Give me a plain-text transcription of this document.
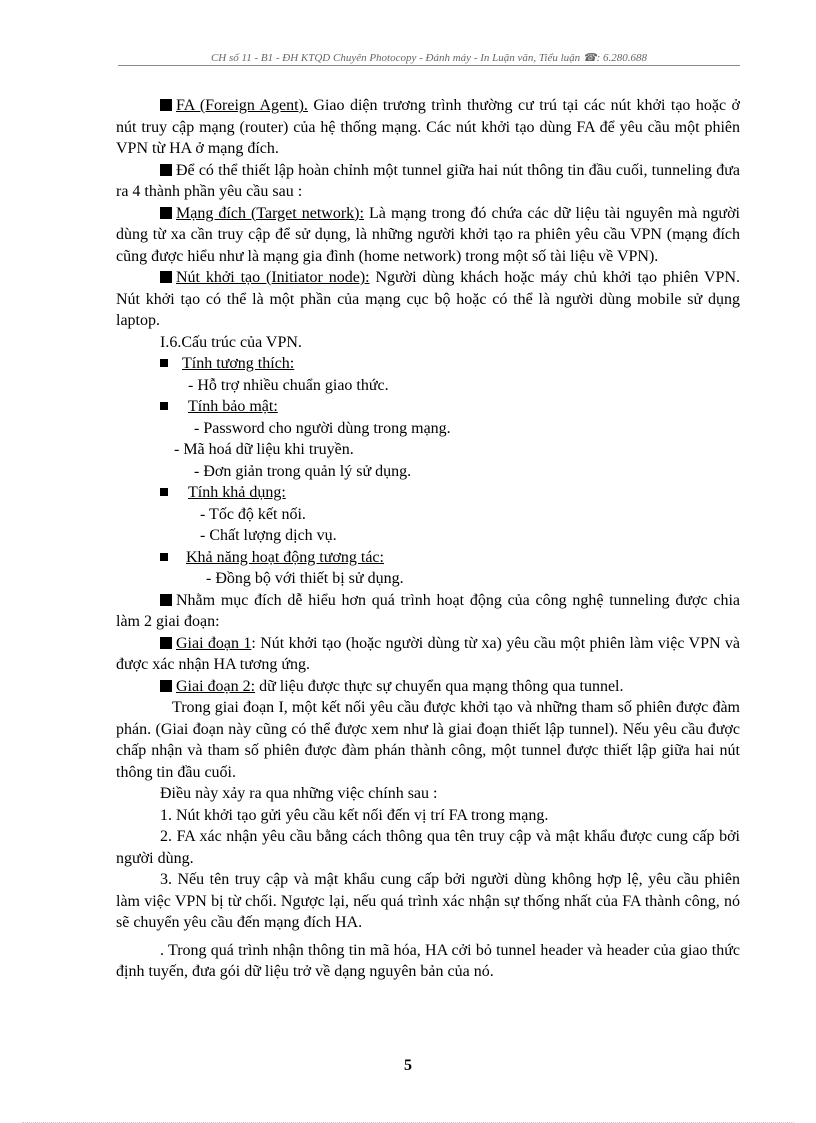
CH số 11 - B1 - ĐH KTQD Chuyên Photocopy - Đánh máy - In Luận văn, Tiểu luận ☎: 6.280.688

FA (Foreign Agent). Giao diện trương trình thường cư trú tại các nút khởi tạo hoặc ở nút truy cập mạng (router) của hệ thống mạng. Các nút khởi tạo dùng FA để yêu cầu một phiên VPN từ HA ở mạng đích.

Để có thể thiết lập hoàn chỉnh một tunnel giữa hai nút thông tin đầu cuối, tunneling đưa ra 4 thành phần yêu cầu sau :

Mạng đích (Target network): Là mạng trong đó chứa các dữ liệu tài nguyên mà người dùng từ xa cần truy cập để sử dụng, là những người khởi tạo ra phiên yêu cầu VPN (mạng đích cũng được hiểu như là mạng gia đình (home network) trong một số tài liệu về VPN).

Nút khởi tạo (Initiator node): Người dùng khách hoặc máy chủ khởi tạo phiên VPN. Nút khởi tạo có thể là một phần của mạng cục bộ hoặc có thể là người dùng mobile sử dụng laptop.

I.6.Cấu trúc của VPN.

Tính tương thích:

- Hỗ trợ nhiều chuẩn giao thức.

Tính bảo mật:

- Password cho người dùng trong mạng.

- Mã hoá dữ liệu khi truyền.

- Đơn giản trong quản lý sử dụng.

Tính khả dụng:

- Tốc độ kết nối.

- Chất lượng dịch vụ.

Khả năng hoạt động tương tác:

- Đồng bộ với thiết bị sử dụng.

Nhằm mục đích dễ hiểu hơn quá trình hoạt động của công nghệ tunneling được chia làm 2 giai đoạn:

Giai đoạn 1: Nút khởi tạo (hoặc người dùng từ xa) yêu cầu một phiên làm việc VPN và được xác nhận HA tương ứng.

Giai đoạn 2: dữ liệu được thực sự chuyển qua mạng thông qua tunnel.

Trong giai đoạn I, một kết nối yêu cầu được khởi tạo và những tham số phiên được đàm phán. (Giai đoạn này cũng có thể được xem như là giai đoạn thiết lập tunnel). Nếu yêu cầu được chấp nhận và tham số phiên được đàm phán thành công, một tunnel được thiết lập giữa hai nút thông tin đầu cuối.

Điều này xảy ra qua những việc chính sau :

1. Nút khởi tạo gửi yêu cầu kết nối đến vị trí FA trong mạng.

2. FA xác nhận yêu cầu bằng cách thông qua tên truy cập và mật khẩu được cung cấp bởi người dùng.

3. Nếu tên truy cập và mật khẩu cung cấp bởi người dùng không hợp lệ, yêu cầu phiên làm việc VPN bị từ chối. Ngược lại, nếu quá trình xác nhận sự thống nhất của FA thành công, nó sẽ chuyển yêu cầu đến mạng đích HA.

. Trong quá trình nhận thông tin mã hóa, HA cởi bỏ tunnel header và header của giao thức định tuyến, đưa gói dữ liệu trở về dạng nguyên bản của nó.

5
